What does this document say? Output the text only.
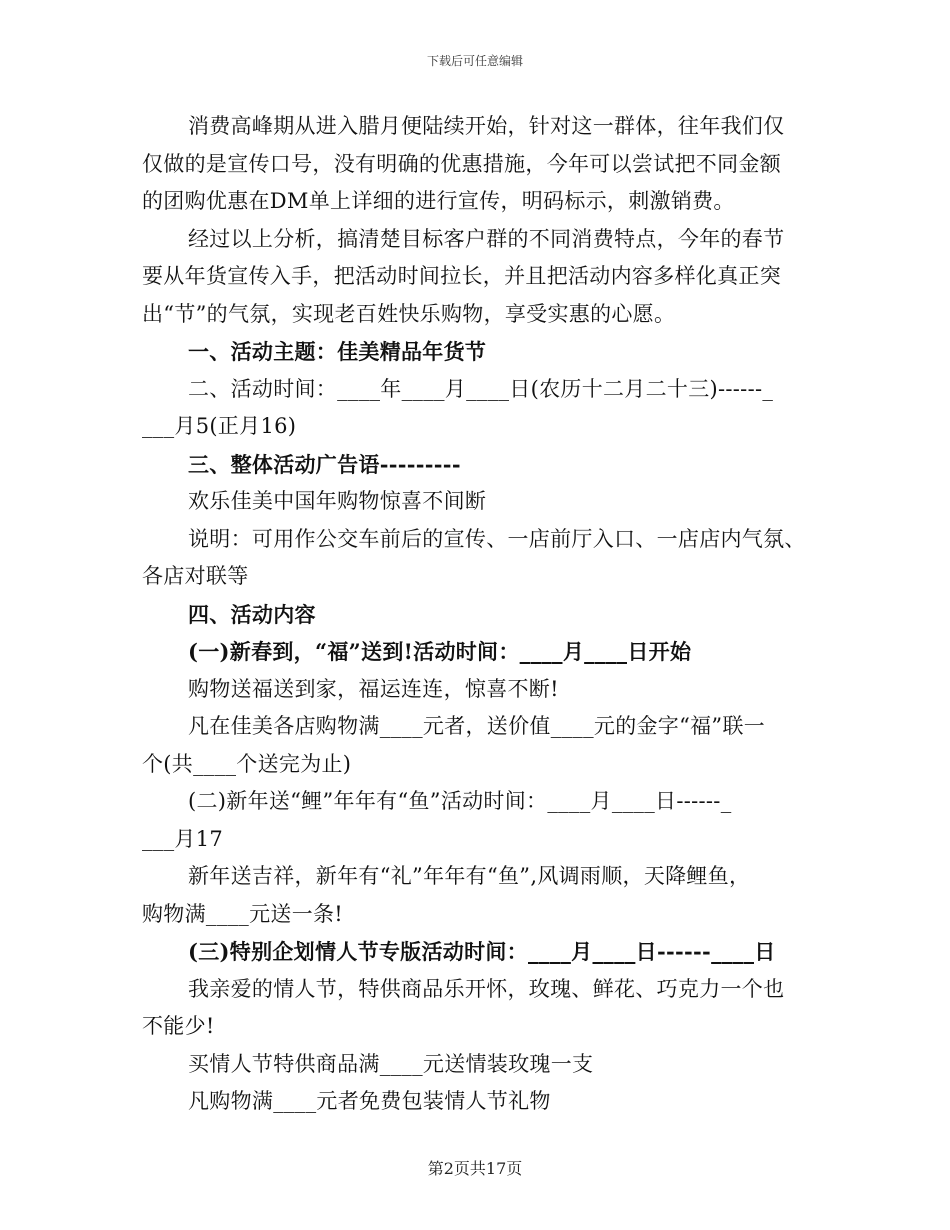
下载后可任意编辑

消费高峰期从进入腊月便陆续开始，针对这一群体，往年我们仅

仅做的是宣传口号，没有明确的优惠措施，今年可以尝试把不同金额

的团购优惠在DM单上详细的进行宣传，明码标示，刺激销费。

经过以上分析，搞清楚目标客户群的不同消费特点，今年的春节

要从年货宣传入手，把活动时间拉长，并且把活动内容多样化真正突

出“节”的气氛，实现老百姓快乐购物，享受实惠的心愿。

一、活动主题：佳美精品年货节

二、活动时间：____年____月____日(农历十二月二十三)------_

___月5(正月16)

三、整体活动广告语---------

欢乐佳美中国年购物惊喜不间断

说明：可用作公交车前后的宣传、一店前厅入口、一店店内气氛、

各店对联等

四、活动内容

(一)新春到，“福”送到!活动时间：____月____日开始

购物送福送到家，福运连连，惊喜不断!

凡在佳美各店购物满____元者，送价值____元的金字“福”联一

个(共____个送完为止)

(二)新年送“鲤”年年有“鱼”活动时间：____月____日------_

___月17

新年送吉祥，新年有“礼”年年有“鱼”,风调雨顺，天降鲤鱼，

购物满____元送一条!

(三)特别企划情人节专版活动时间：____月____日------____日

我亲爱的情人节，特供商品乐开怀，玫瑰、鲜花、巧克力一个也

不能少!

买情人节特供商品满____元送情装玫瑰一支

凡购物满____元者免费包装情人节礼物

第2页共17页
